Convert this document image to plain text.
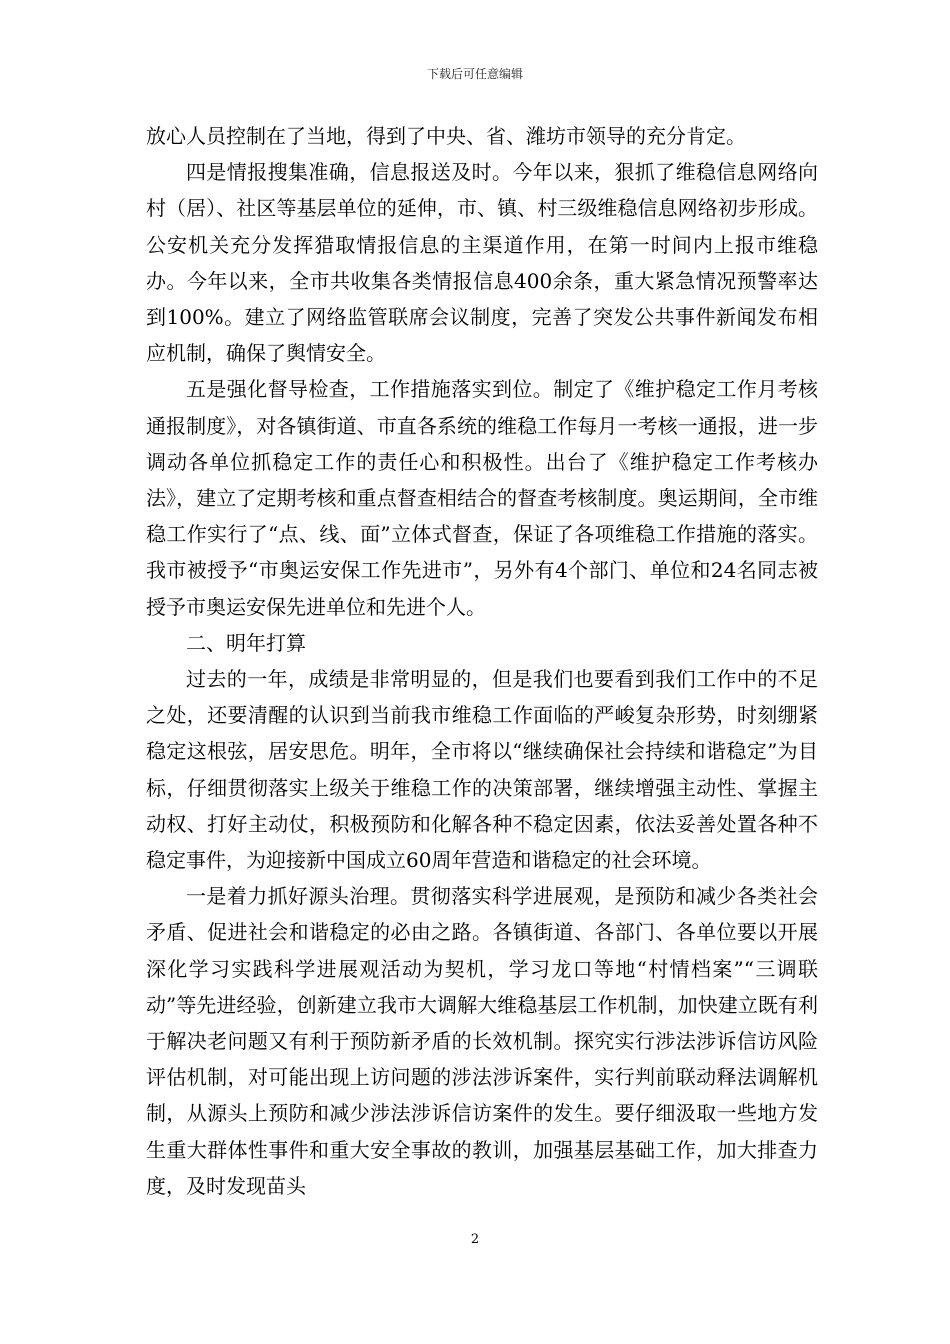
下载后可任意编辑

放心人员控制在了当地，得到了中央、省、潍坊市领导的充分肯定。

四是情报搜集准确，信息报送及时。今年以来，狠抓了维稳信息网络向村（居）、社区等基层单位的延伸，市、镇、村三级维稳信息网络初步形成。公安机关充分发挥猎取情报信息的主渠道作用，在第一时间内上报市维稳办。今年以来，全市共收集各类情报信息400余条，重大紧急情况预警率达到100%。建立了网络监管联席会议制度，完善了突发公共事件新闻发布相应机制，确保了舆情安全。

五是强化督导检查，工作措施落实到位。制定了《维护稳定工作月考核通报制度》，对各镇街道、市直各系统的维稳工作每月一考核一通报，进一步调动各单位抓稳定工作的责任心和积极性。出台了《维护稳定工作考核办法》，建立了定期考核和重点督查相结合的督查考核制度。奥运期间，全市维稳工作实行了“点、线、面”立体式督查，保证了各项维稳工作措施的落实。我市被授予“市奥运安保工作先进市”，另外有4个部门、单位和24名同志被授予市奥运安保先进单位和先进个人。

二、明年打算

过去的一年，成绩是非常明显的，但是我们也要看到我们工作中的不足之处，还要清醒的认识到当前我市维稳工作面临的严峻复杂形势，时刻绷紧稳定这根弦，居安思危。明年，全市将以“继续确保社会持续和谐稳定”为目标，仔细贯彻落实上级关于维稳工作的决策部署，继续增强主动性、掌握主动权、打好主动仗，积极预防和化解各种不稳定因素，依法妥善处置各种不稳定事件，为迎接新中国成立60周年营造和谐稳定的社会环境。

一是着力抓好源头治理。贯彻落实科学进展观，是预防和减少各类社会矛盾、促进社会和谐稳定的必由之路。各镇街道、各部门、各单位要以开展深化学习实践科学进展观活动为契机，学习龙口等地“村情档案”“三调联动”等先进经验，创新建立我市大调解大维稳基层工作机制，加快建立既有利于解决老问题又有利于预防新矛盾的长效机制。探究实行涉法涉诉信访风险评估机制，对可能出现上访问题的涉法涉诉案件，实行判前联动释法调解机制，从源头上预防和减少涉法涉诉信访案件的发生。要仔细汲取一些地方发生重大群体性事件和重大安全事故的教训，加强基层基础工作，加大排查力度，及时发现苗头

2
